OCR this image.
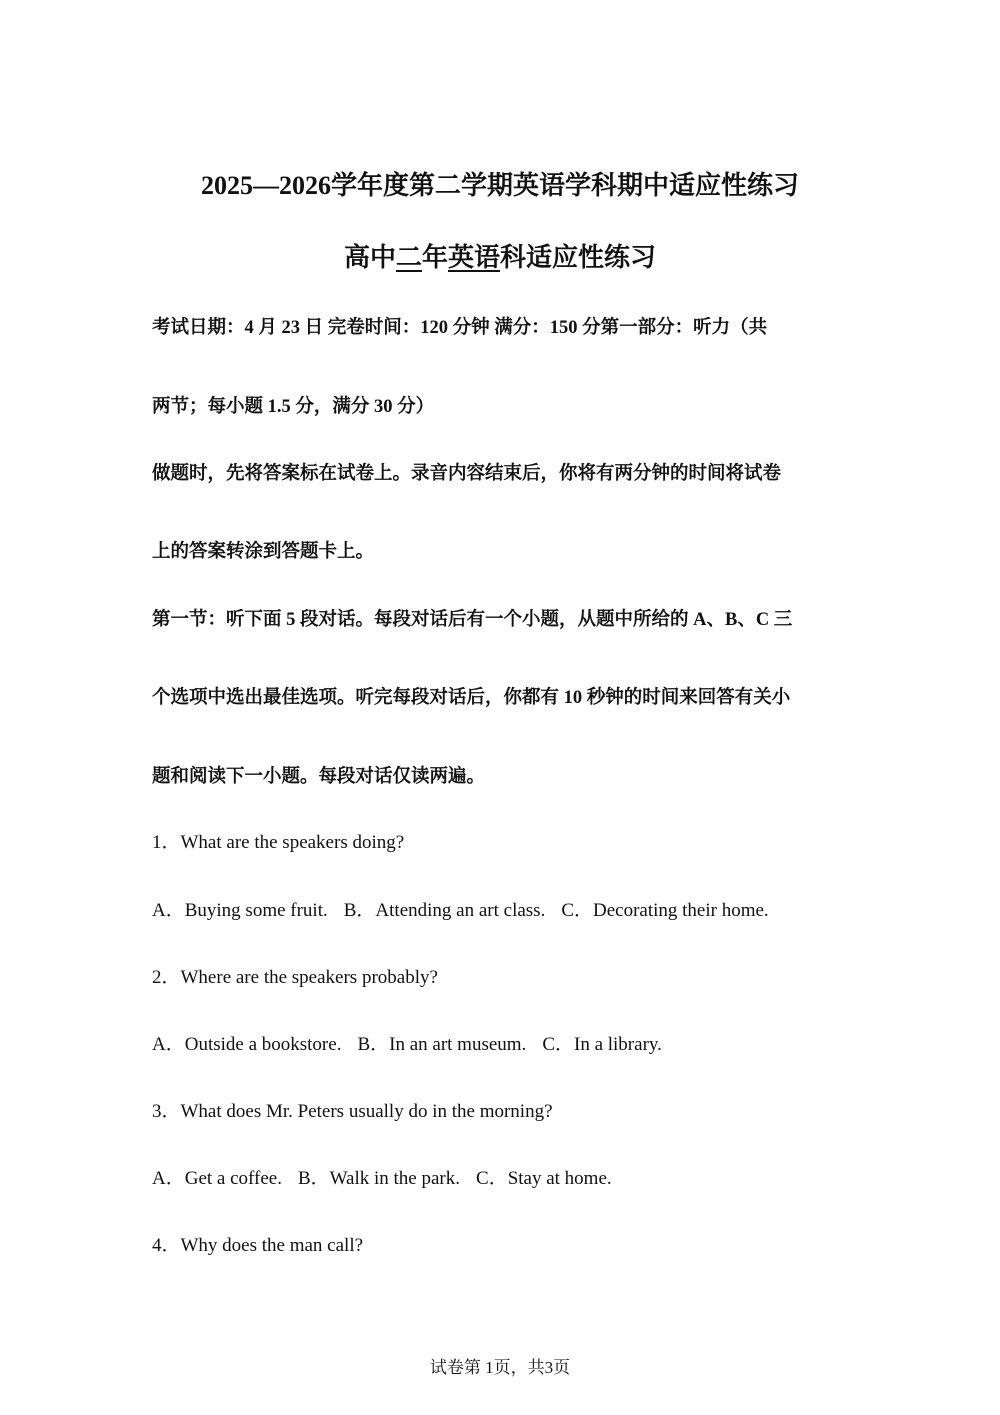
2025—2026学年度第二学期英语学科期中适应性练习
高中二年英语科适应性练习
考试日期：4 月 23 日 完卷时间：120 分钟 满分：150 分第一部分：听力（共
两节；每小题 1.5 分，满分 30 分）
做题时，先将答案标在试卷上。录音内容结束后，你将有两分钟的时间将试卷
上的答案转涂到答题卡上。
第一节：听下面 5 段对话。每段对话后有一个小题，从题中所给的 A、B、C 三
个选项中选出最佳选项。听完每段对话后，你都有 10 秒钟的时间来回答有关小
题和阅读下一小题。每段对话仅读两遍。
1．What are the speakers doing?
A．Buying some fruit. B．Attending an art class. C．Decorating their home.
2．Where are the speakers probably?
A．Outside a bookstore. B．In an art museum. C．In a library.
3．What does Mr. Peters usually do in the morning?
A．Get a coffee. B．Walk in the park. C．Stay at home.
4．Why does the man call?
试卷第 1页，共3页
